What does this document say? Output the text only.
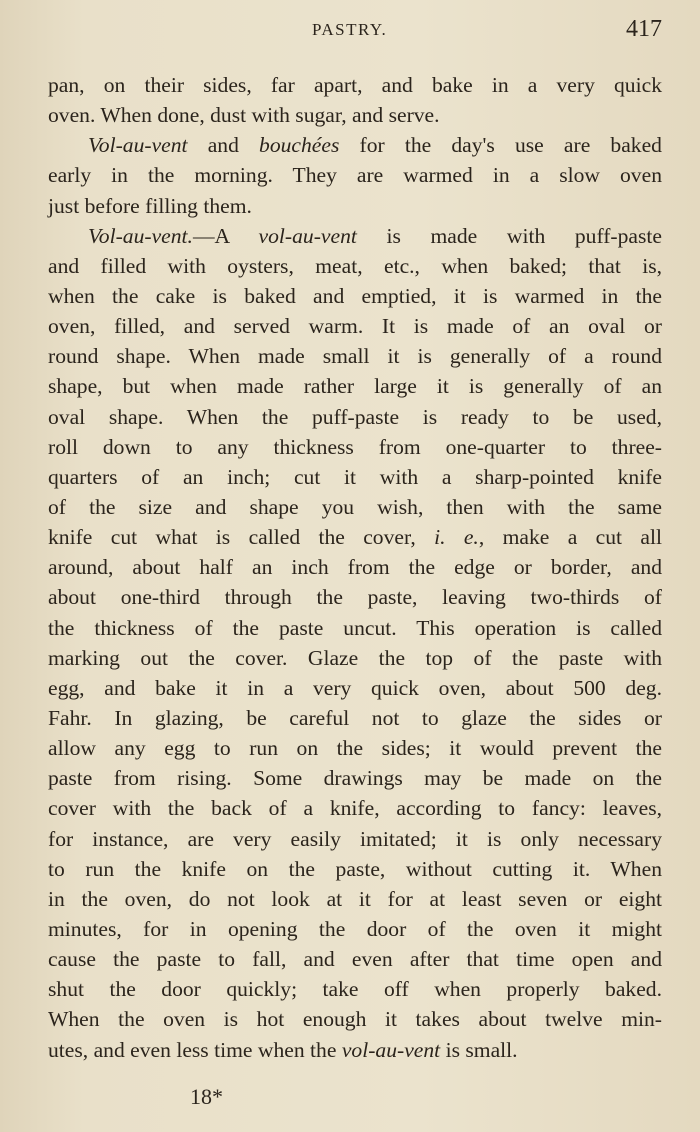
PASTRY.	417
pan, on their sides, far apart, and bake in a very quick
oven. When done, dust with sugar, and serve.
Vol-au-vent and bouchées for the day's use are baked
early in the morning. They are warmed in a slow oven
just before filling them.
Vol-au-vent.—A vol-au-vent is made with puff-paste
and filled with oysters, meat, etc., when baked; that is,
when the cake is baked and emptied, it is warmed in the
oven, filled, and served warm. It is made of an oval or
round shape. When made small it is generally of a round
shape, but when made rather large it is generally of an
oval shape. When the puff-paste is ready to be used,
roll down to any thickness from one-quarter to three-
quarters of an inch; cut it with a sharp-pointed knife
of the size and shape you wish, then with the same
knife cut what is called the cover, i. e., make a cut all
around, about half an inch from the edge or border, and
about one-third through the paste, leaving two-thirds of
the thickness of the paste uncut. This operation is called
marking out the cover. Glaze the top of the paste with
egg, and bake it in a very quick oven, about 500 deg.
Fahr. In glazing, be careful not to glaze the sides or
allow any egg to run on the sides; it would prevent the
paste from rising. Some drawings may be made on the
cover with the back of a knife, according to fancy: leaves,
for instance, are very easily imitated; it is only necessary
to run the knife on the paste, without cutting it. When
in the oven, do not look at it for at least seven or eight
minutes, for in opening the door of the oven it might
cause the paste to fall, and even after that time open and
shut the door quickly; take off when properly baked.
When the oven is hot enough it takes about twelve min-
utes, and even less time when the vol-au-vent is small.
18*
